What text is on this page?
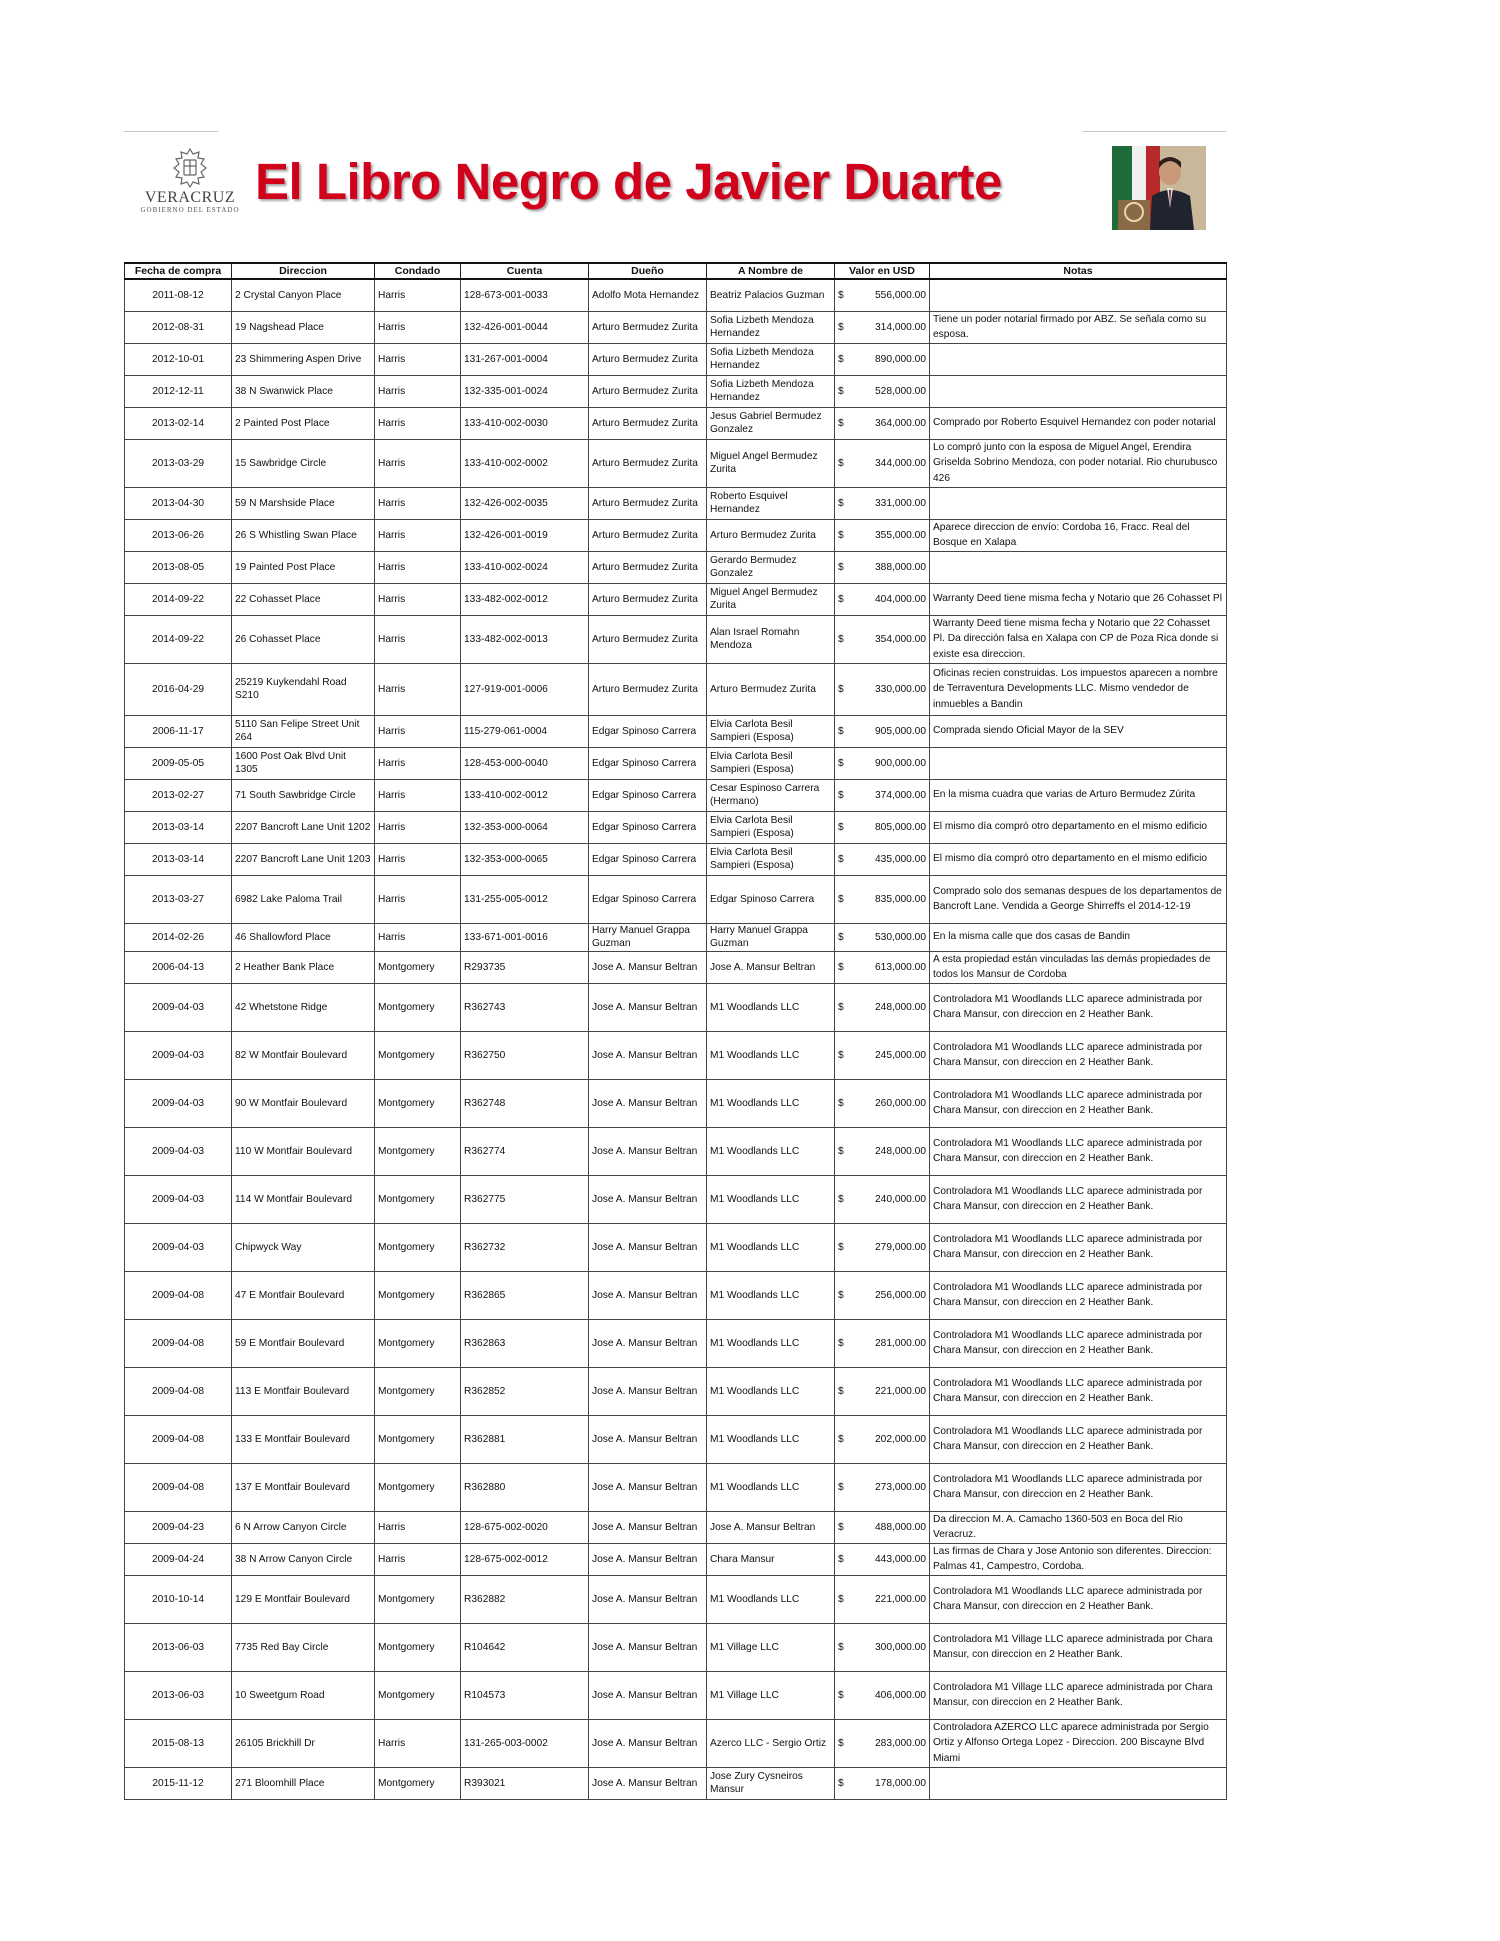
VERACRUZ
GOBIERNO DEL ESTADO El Libro Negro de Javier Duarte
Fecha de compra	Direccion	Condado	Cuenta	Dueño	A Nombre de	Valor en USD	Notas
2011-08-12	2 Crystal Canyon Place	Harris	128-673-001-0033	Adolfo Mota Hernandez	Beatriz Palacios Guzman	$ 556,000.00	

2012-08-31	19 Nagshead Place	Harris	132-426-001-0044	Arturo Bermudez Zurita	Sofia Lizbeth Mendoza Hernandez	$ 314,000.00	Tiene un poder notarial firmado por ABZ. Se señala como su esposa.
2012-10-01	23 Shimmering Aspen Drive	Harris	131-267-001-0004	Arturo Bermudez Zurita	Sofia Lizbeth Mendoza Hernandez	$ 890,000.00	

2012-12-11	38 N Swanwick Place	Harris	132-335-001-0024	Arturo Bermudez Zurita	Sofia Lizbeth Mendoza Hernandez	$ 528,000.00	

2013-02-14	2 Painted Post Place	Harris	133-410-002-0030	Arturo Bermudez Zurita	Jesus Gabriel Bermudez Gonzalez	$ 364,000.00	Comprado por Roberto Esquivel Hernandez con poder notarial
2013-03-29	15 Sawbridge Circle	Harris	133-410-002-0002	Arturo Bermudez Zurita	Miguel Angel Bermudez Zurita	$ 344,000.00	Lo compró junto con la esposa de Miguel Angel, Erendira Griselda Sobrino Mendoza, con poder notarial. Rio churubusco 426
2013-04-30	59 N Marshside Place	Harris	132-426-002-0035	Arturo Bermudez Zurita	Roberto Esquivel Hernandez	$ 331,000.00	

2013-06-26	26 S Whistling Swan Place	Harris	132-426-001-0019	Arturo Bermudez Zurita	Arturo Bermudez Zurita	$ 355,000.00	Aparece direccion de envío: Cordoba 16, Fracc. Real del Bosque en Xalapa
2013-08-05	19 Painted Post Place	Harris	133-410-002-0024	Arturo Bermudez Zurita	Gerardo Bermudez Gonzalez	$ 388,000.00	

2014-09-22	22 Cohasset Place	Harris	133-482-002-0012	Arturo Bermudez Zurita	Miguel Angel Bermudez Zurita	$ 404,000.00	Warranty Deed tiene misma fecha y Notario que 26 Cohasset Pl
2014-09-22	26 Cohasset Place	Harris	133-482-002-0013	Arturo Bermudez Zurita	Alan Israel Romahn Mendoza	$ 354,000.00	Warranty Deed tiene misma fecha y Notario que 22 Cohasset Pl. Da dirección falsa en Xalapa con CP de Poza Rica donde si existe esa direccion.
2016-04-29	25219 Kuykendahl Road S210	Harris	127-919-001-0006	Arturo Bermudez Zurita	Arturo Bermudez Zurita	$ 330,000.00	Oficinas recien construidas. Los impuestos aparecen a nombre de Terraventura Developments LLC. Mismo vendedor de inmuebles a Bandin
2006-11-17	5110 San Felipe Street Unit 264	Harris	115-279-061-0004	Edgar Spinoso Carrera	Elvia Carlota Besil Sampieri (Esposa)	$ 905,000.00	Comprada siendo Oficial Mayor de la SEV
2009-05-05	1600 Post Oak Blvd Unit 1305	Harris	128-453-000-0040	Edgar Spinoso Carrera	Elvia Carlota Besil Sampieri (Esposa)	$ 900,000.00	

2013-02-27	71 South Sawbridge Circle	Harris	133-410-002-0012	Edgar Spinoso Carrera	Cesar Espinoso Carrera (Hermano)	$ 374,000.00	En la misma cuadra que varias de Arturo Bermudez Zúrita
2013-03-14	2207 Bancroft Lane Unit 1202	Harris	132-353-000-0064	Edgar Spinoso Carrera	Elvia Carlota Besil Sampieri (Esposa)	$ 805,000.00	El mismo día compró otro departamento en el mismo edificio
2013-03-14	2207 Bancroft Lane Unit 1203	Harris	132-353-000-0065	Edgar Spinoso Carrera	Elvia Carlota Besil Sampieri (Esposa)	$ 435,000.00	El mismo día compró otro departamento en el mismo edificio
2013-03-27	6982 Lake Paloma Trail	Harris	131-255-005-0012	Edgar Spinoso Carrera	Edgar Spinoso Carrera	$ 835,000.00	Comprado solo dos semanas despues de los departamentos de Bancroft Lane. Vendida a George Shirreffs el 2014-12-19
2014-02-26	46 Shallowford Place	Harris	133-671-001-0016	Harry Manuel Grappa Guzman	Harry Manuel Grappa Guzman	$ 530,000.00	En la misma calle que dos casas de Bandin
2006-04-13	2 Heather Bank Place	Montgomery	R293735	Jose A. Mansur Beltran	Jose A. Mansur Beltran	$ 613,000.00	A esta propiedad están vinculadas las demás propiedades de todos los Mansur de Cordoba
2009-04-03	42 Whetstone Ridge	Montgomery	R362743	Jose A. Mansur Beltran	M1 Woodlands LLC	$ 248,000.00	Controladora M1 Woodlands LLC aparece administrada por Chara Mansur, con direccion en 2 Heather Bank.
2009-04-03	82 W Montfair Boulevard	Montgomery	R362750	Jose A. Mansur Beltran	M1 Woodlands LLC	$ 245,000.00	Controladora M1 Woodlands LLC aparece administrada por Chara Mansur, con direccion en 2 Heather Bank.
2009-04-03	90 W Montfair Boulevard	Montgomery	R362748	Jose A. Mansur Beltran	M1 Woodlands LLC	$ 260,000.00	Controladora M1 Woodlands LLC aparece administrada por Chara Mansur, con direccion en 2 Heather Bank.
2009-04-03	110 W Montfair Boulevard	Montgomery	R362774	Jose A. Mansur Beltran	M1 Woodlands LLC	$ 248,000.00	Controladora M1 Woodlands LLC aparece administrada por Chara Mansur, con direccion en 2 Heather Bank.
2009-04-03	114 W Montfair Boulevard	Montgomery	R362775	Jose A. Mansur Beltran	M1 Woodlands LLC	$ 240,000.00	Controladora M1 Woodlands LLC aparece administrada por Chara Mansur, con direccion en 2 Heather Bank.
2009-04-03	Chipwyck Way	Montgomery	R362732	Jose A. Mansur Beltran	M1 Woodlands LLC	$ 279,000.00	Controladora M1 Woodlands LLC aparece administrada por Chara Mansur, con direccion en 2 Heather Bank.
2009-04-08	47 E Montfair Boulevard	Montgomery	R362865	Jose A. Mansur Beltran	M1 Woodlands LLC	$ 256,000.00	Controladora M1 Woodlands LLC aparece administrada por Chara Mansur, con direccion en 2 Heather Bank.
2009-04-08	59 E Montfair Boulevard	Montgomery	R362863	Jose A. Mansur Beltran	M1 Woodlands LLC	$ 281,000.00	Controladora M1 Woodlands LLC aparece administrada por Chara Mansur, con direccion en 2 Heather Bank.
2009-04-08	113 E Montfair Boulevard	Montgomery	R362852	Jose A. Mansur Beltran	M1 Woodlands LLC	$ 221,000.00	Controladora M1 Woodlands LLC aparece administrada por Chara Mansur, con direccion en 2 Heather Bank.
2009-04-08	133 E Montfair Boulevard	Montgomery	R362881	Jose A. Mansur Beltran	M1 Woodlands LLC	$ 202,000.00	Controladora M1 Woodlands LLC aparece administrada por Chara Mansur, con direccion en 2 Heather Bank.
2009-04-08	137 E Montfair Boulevard	Montgomery	R362880	Jose A. Mansur Beltran	M1 Woodlands LLC	$ 273,000.00	Controladora M1 Woodlands LLC aparece administrada por Chara Mansur, con direccion en 2 Heather Bank.
2009-04-23	6 N Arrow Canyon Circle	Harris	128-675-002-0020	Jose A. Mansur Beltran	Jose A. Mansur Beltran	$ 488,000.00	Da direccion M. A. Camacho 1360-503 en Boca del Rio Veracruz.
2009-04-24	38 N Arrow Canyon Circle	Harris	128-675-002-0012	Jose A. Mansur Beltran	Chara Mansur	$ 443,000.00	Las firmas de Chara y Jose Antonio son diferentes. Direccion: Palmas 41, Campestro, Cordoba.
2010-10-14	129 E Montfair Boulevard	Montgomery	R362882	Jose A. Mansur Beltran	M1 Woodlands LLC	$ 221,000.00	Controladora M1 Woodlands LLC aparece administrada por Chara Mansur, con direccion en 2 Heather Bank.
2013-06-03	7735 Red Bay Circle	Montgomery	R104642	Jose A. Mansur Beltran	M1 Village LLC	$ 300,000.00	Controladora M1 Village LLC aparece administrada por Chara Mansur, con direccion en 2 Heather Bank.
2013-06-03	10 Sweetgum Road	Montgomery	R104573	Jose A. Mansur Beltran	M1 Village LLC	$ 406,000.00	Controladora M1 Village LLC aparece administrada por Chara Mansur, con direccion en 2 Heather Bank.
2015-08-13	26105 Brickhill Dr	Harris	131-265-003-0002	Jose A. Mansur Beltran	Azerco LLC - Sergio Ortiz	$ 283,000.00	Controladora AZERCO LLC aparece administrada por Sergio Ortiz y Alfonso Ortega Lopez - Direccion. 200 Biscayne Blvd Miami
2015-11-12	271 Bloomhill Place	Montgomery	R393021	Jose A. Mansur Beltran	Jose Zury Cysneiros Mansur	$ 178,000.00	
